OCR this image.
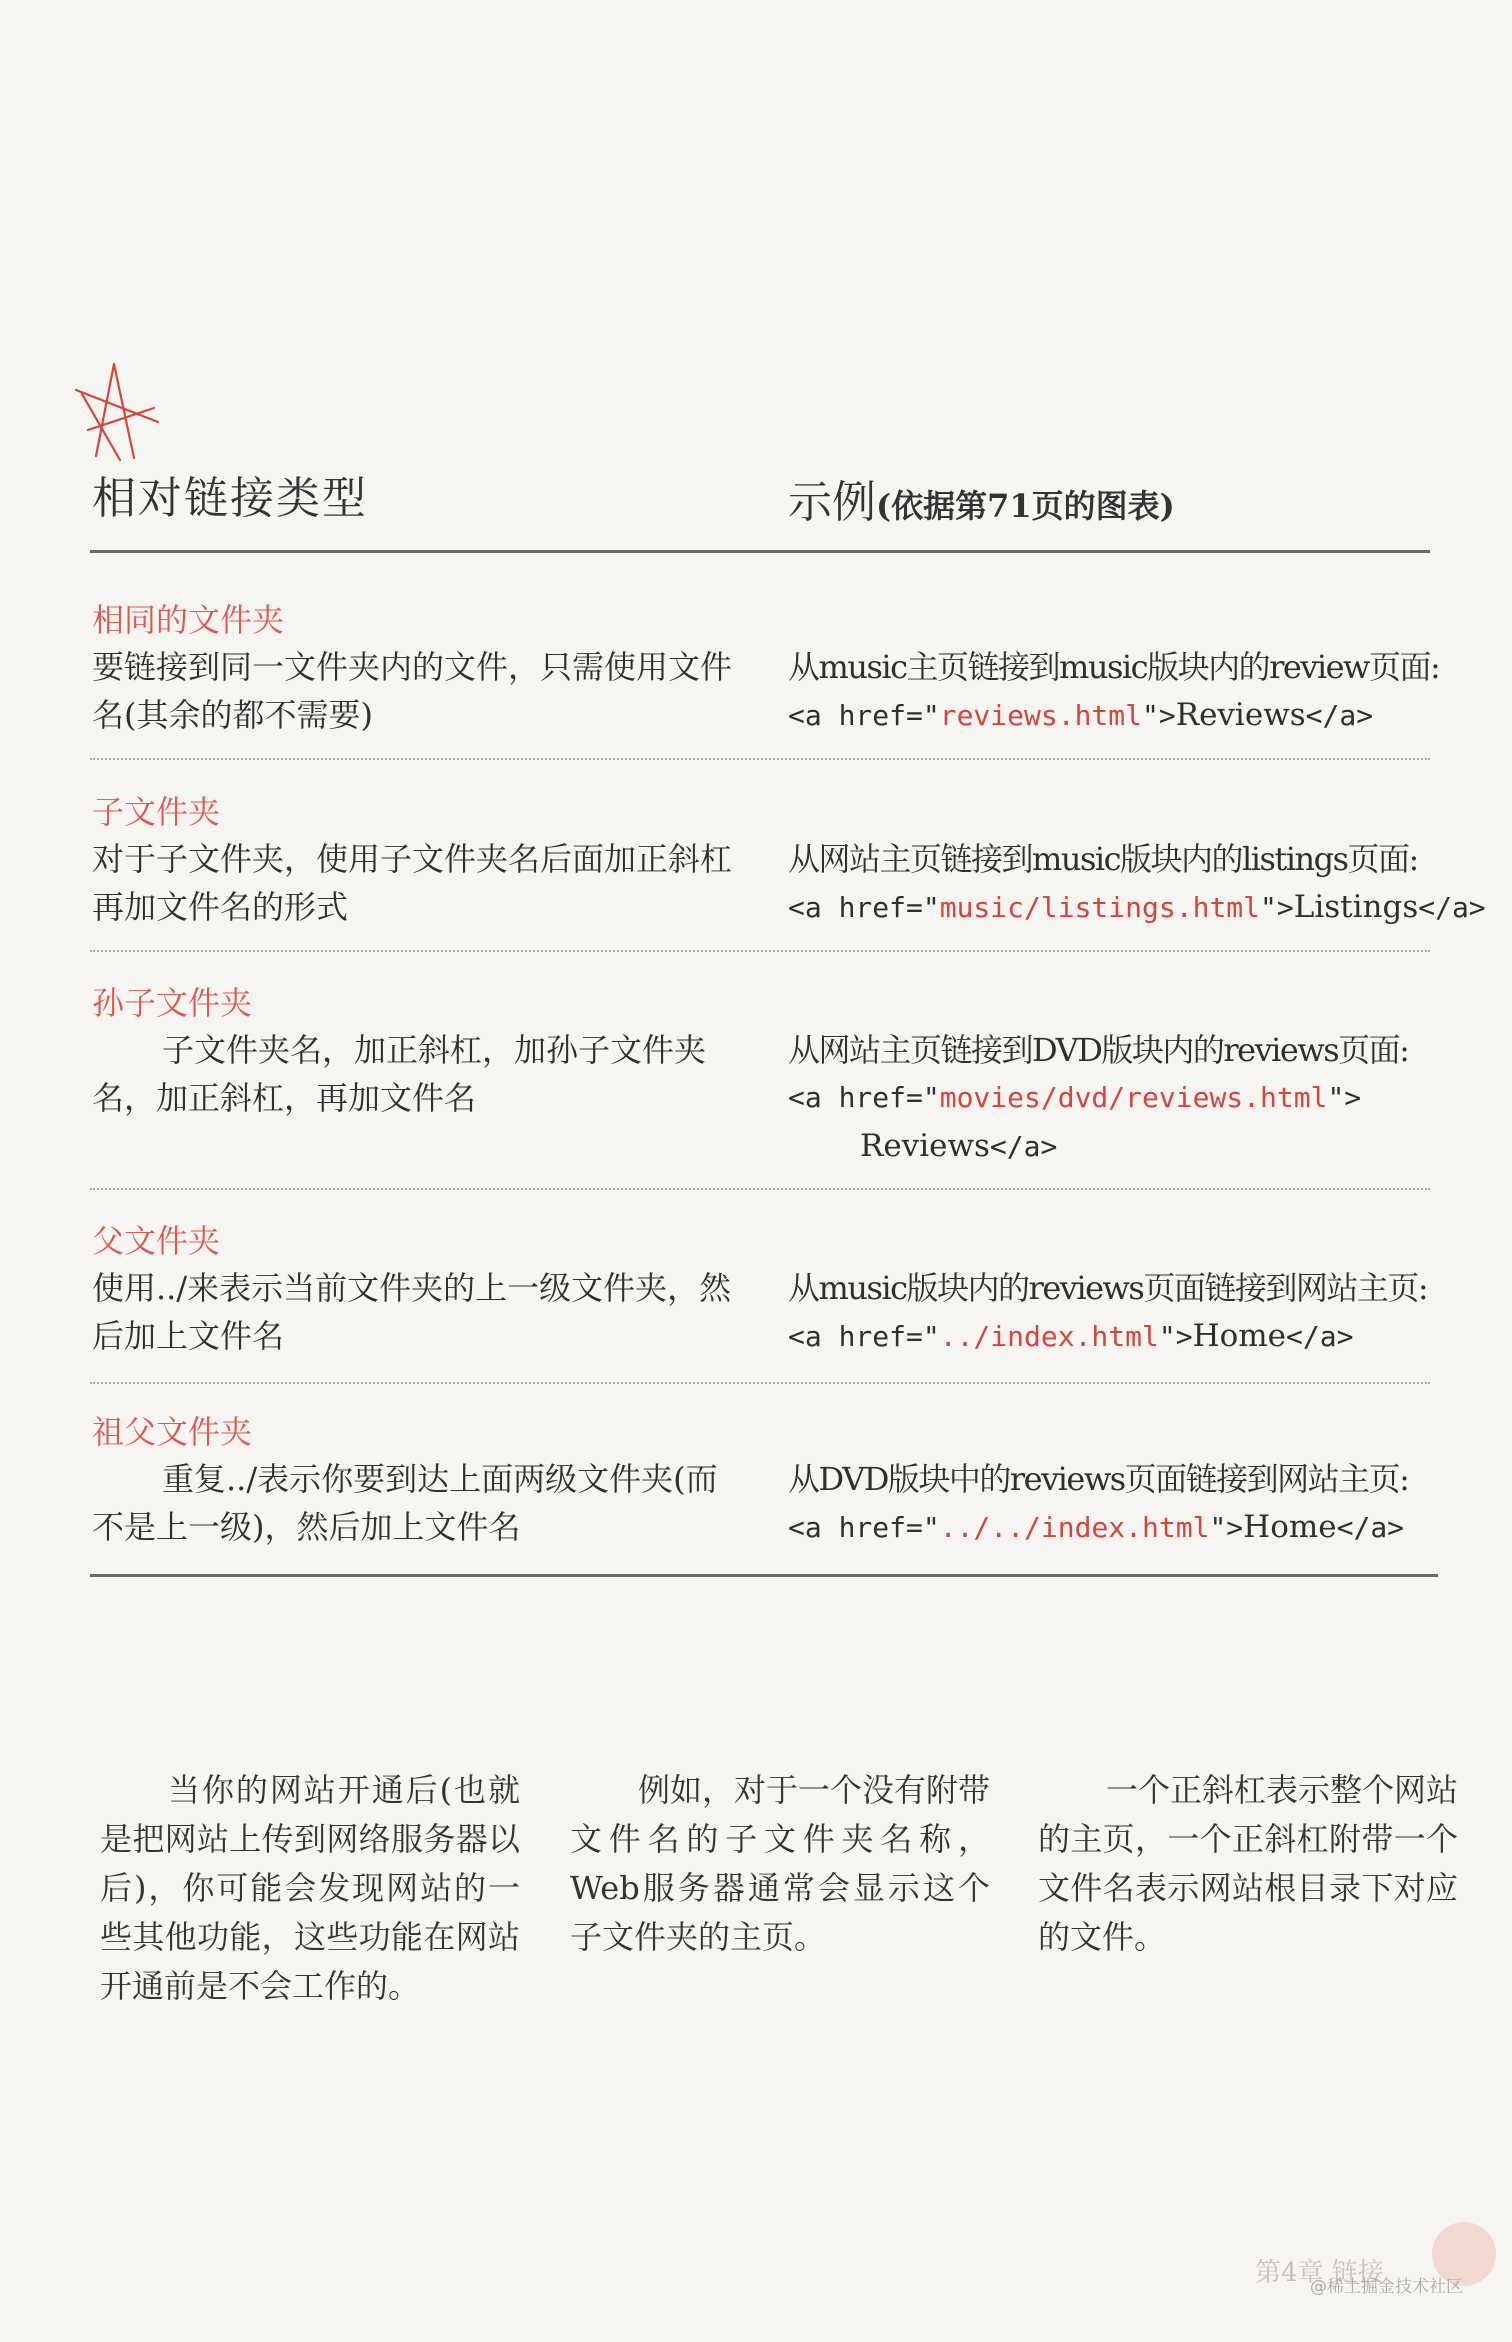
相对链接类型	示例(依据第71页的图表)
相同的文件夹
要链接到同一文件夹内的文件，只需使用文件名(其余的都不需要)
从music主页链接到music版块内的review页面:
<a href="reviews.html">Reviews</a>
子文件夹
对于子文件夹，使用子文件夹名后面加正斜杠再加文件名的形式
从网站主页链接到music版块内的listings页面:
<a href="music/listings.html">Listings</a>
孙子文件夹
子文件夹名，加正斜杠，加孙子文件夹名，加正斜杠，再加文件名
从网站主页链接到DVD版块内的reviews页面:
<a href="movies/dvd/reviews.html">
Reviews</a>
父文件夹
使用../来表示当前文件夹的上一级文件夹，然后加上文件名
从music版块内的reviews页面链接到网站主页:
<a href="../index.html">Home</a>
祖父文件夹
重复../表示你要到达上面两级文件夹(而不是上一级)，然后加上文件名
从DVD版块中的reviews页面链接到网站主页:
<a href="../../index.html">Home</a>
当你的网站开通后(也就是把网站上传到网络服务器以后)，你可能会发现网站的一些其他功能，这些功能在网站开通前是不会工作的。
例如，对于一个没有附带文件名的子文件夹名称，Web服务器通常会显示这个子文件夹的主页。
一个正斜杠表示整个网站的主页，一个正斜杠附带一个文件名表示网站根目录下对应的文件。
第4章 链接
@稀土掘金技术社区
